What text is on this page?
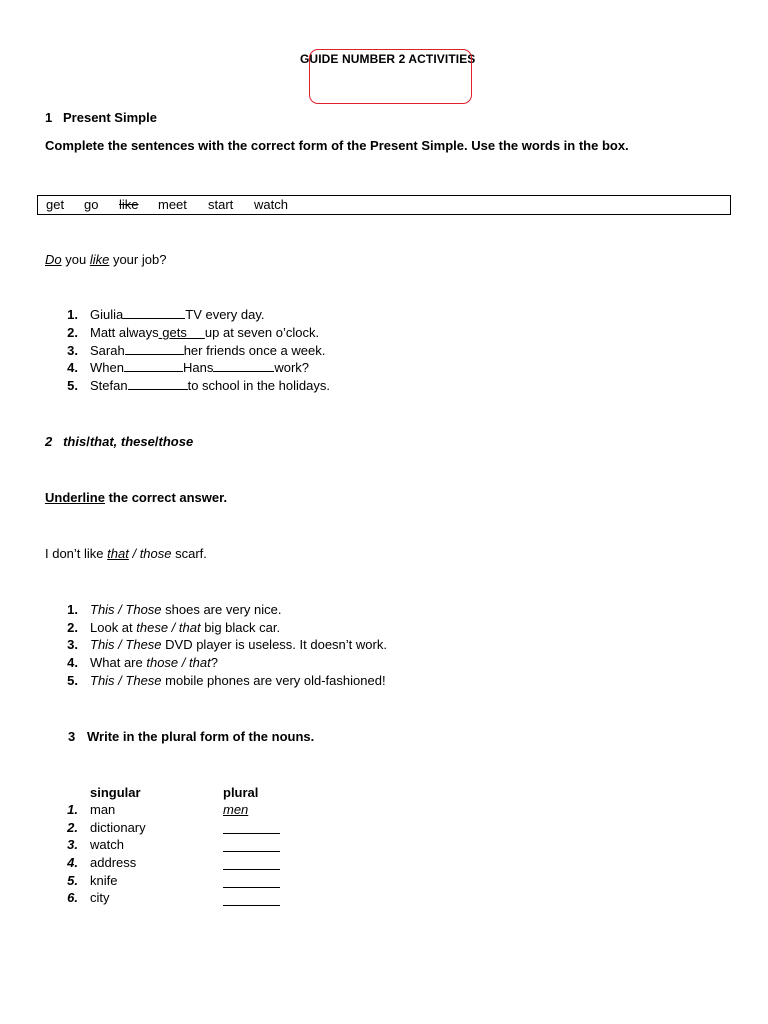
GUIDE NUMBER 2 ACTIVITIES
1 Present Simple
Complete the sentences with the correct form of the Present Simple. Use the words in the box.
get go like meet start watch
Do you like your job?
1. Giulia	TV every day.
2. Matt always gets up at seven o’clock.
3. Sarah	her friends once a week.
4. When	Hans	work?
5. Stefan	to school in the holidays.
2 this/that, these/those
Underline the correct answer.
I don’t like that / those scarf.
1. This / Those shoes are very nice.
2. Look at these / that big black car.
3. This / These DVD player is useless. It doesn’t work.
4. What are those / that?
5. This / These mobile phones are very old-fashioned!
3 Write in the plural form of the nouns.
singular	plural
1. man	men
2. dictionary
3. watch
4. address
5. knife
6. city
